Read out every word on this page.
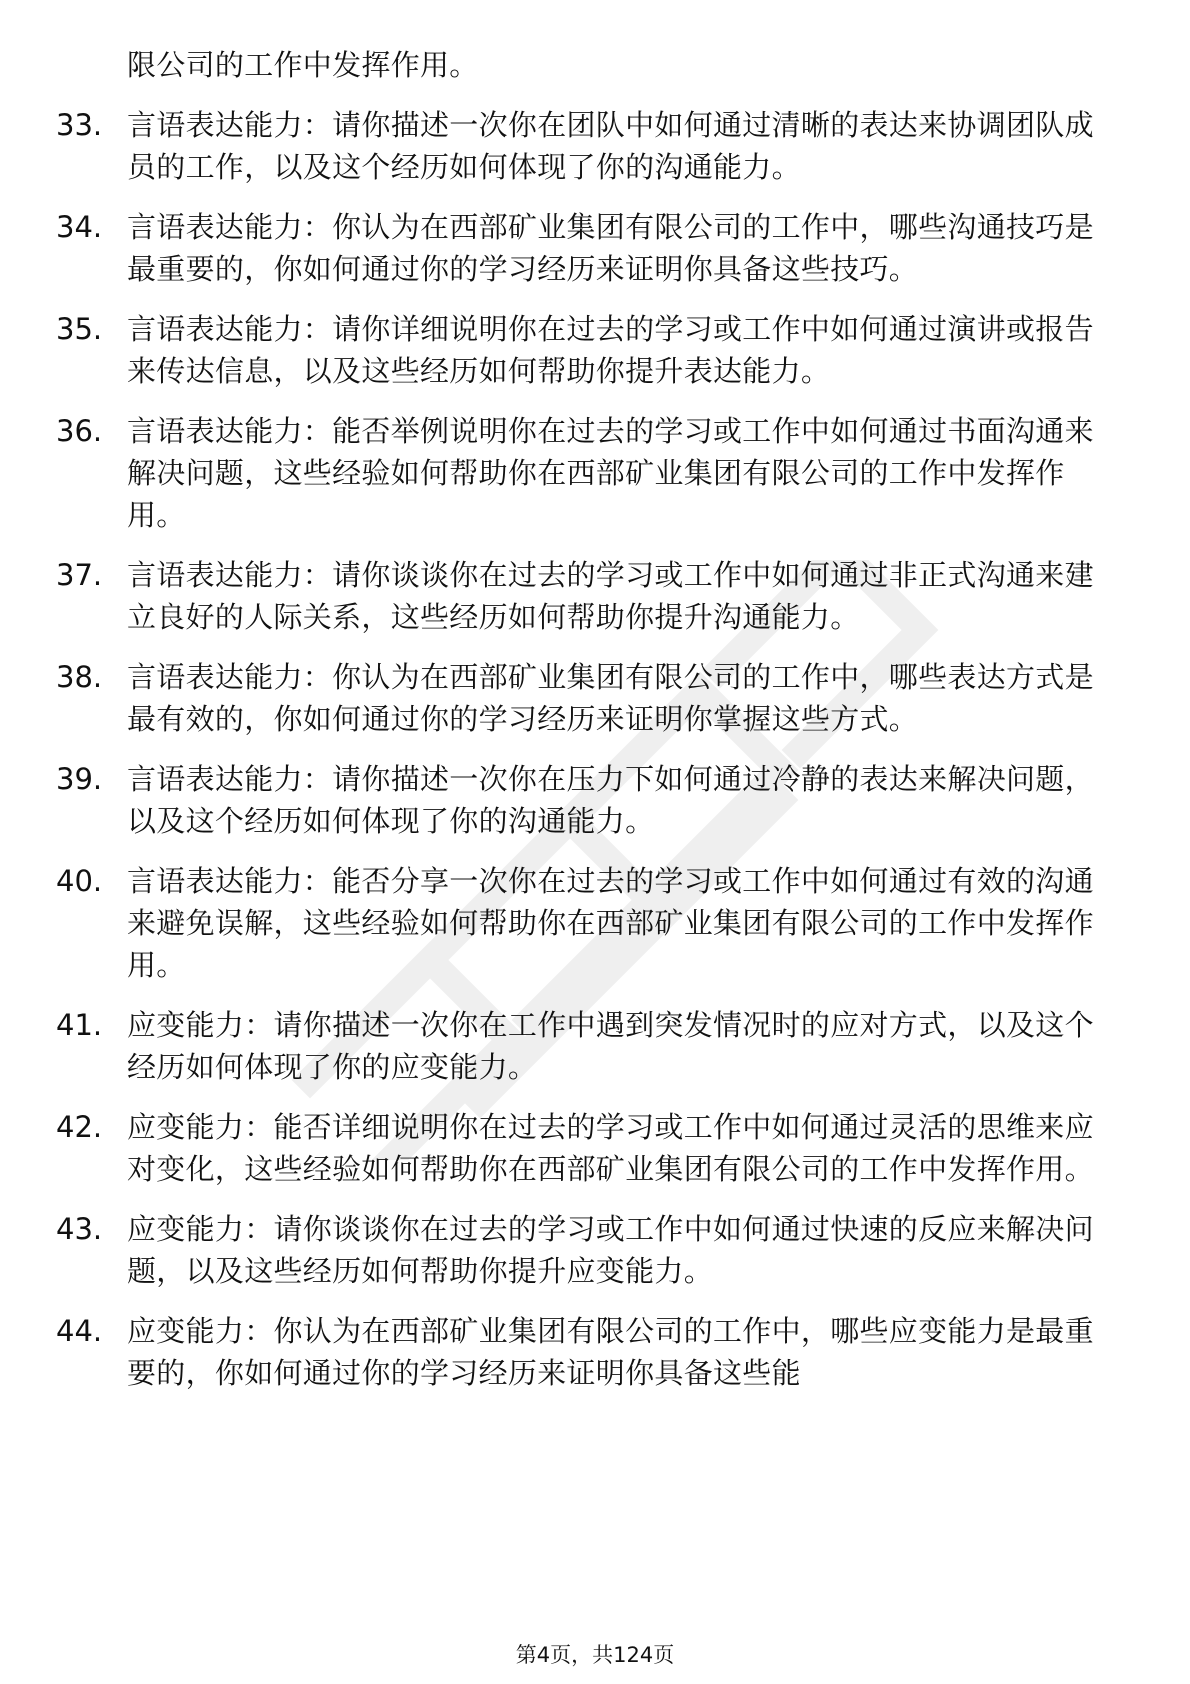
限公司的工作中发挥作用。
33. 言语表达能力：请你描述一次你在团队中如何通过清晰的表达来协调团队成员的工作，以及这个经历如何体现了你的沟通能力。
34. 言语表达能力：你认为在西部矿业集团有限公司的工作中，哪些沟通技巧是最重要的，你如何通过你的学习经历来证明你具备这些技巧。
35. 言语表达能力：请你详细说明你在过去的学习或工作中如何通过演讲或报告来传达信息，以及这些经历如何帮助你提升表达能力。
36. 言语表达能力：能否举例说明你在过去的学习或工作中如何通过书面沟通来解决问题，这些经验如何帮助你在西部矿业集团有限公司的工作中发挥作用。
37. 言语表达能力：请你谈谈你在过去的学习或工作中如何通过非正式沟通来建立良好的人际关系，这些经历如何帮助你提升沟通能力。
38. 言语表达能力：你认为在西部矿业集团有限公司的工作中，哪些表达方式是最有效的，你如何通过你的学习经历来证明你掌握这些方式。
39. 言语表达能力：请你描述一次你在压力下如何通过冷静的表达来解决问题，以及这个经历如何体现了你的沟通能力。
40. 言语表达能力：能否分享一次你在过去的学习或工作中如何通过有效的沟通来避免误解，这些经验如何帮助你在西部矿业集团有限公司的工作中发挥作用。
41. 应变能力：请你描述一次你在工作中遇到突发情况时的应对方式，以及这个经历如何体现了你的应变能力。
42. 应变能力：能否详细说明你在过去的学习或工作中如何通过灵活的思维来应对变化，这些经验如何帮助你在西部矿业集团有限公司的工作中发挥作用。
43. 应变能力：请你谈谈你在过去的学习或工作中如何通过快速的反应来解决问题，以及这些经历如何帮助你提升应变能力。
44. 应变能力：你认为在西部矿业集团有限公司的工作中，哪些应变能力是最重要的，你如何通过你的学习经历来证明你具备这些能
第4页，共124页
